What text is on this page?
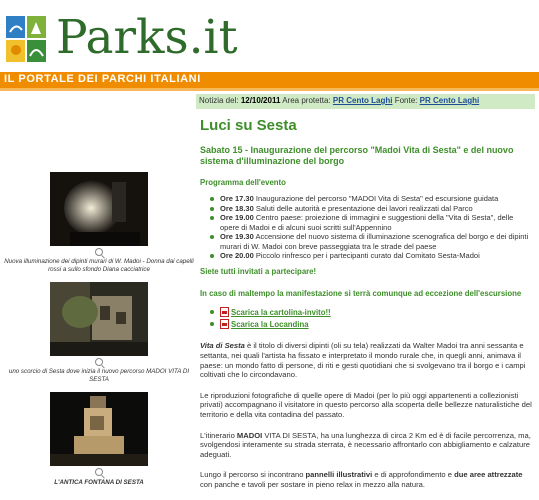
Parks.it
IL PORTALE DEI PARCHI ITALIANI
Notizia del: 12/10/2011 Area protetta: PR Cento Laghi Fonte: PR Cento Laghi
Luci su Sesta
Sabato 15 - Inaugurazione del percorso "Madoi Vita di Sesta" e del nuovo sistema d'illuminazione del borgo
Programma dell'evento
Ore 17.30 Inaugurazione del percorso "MADOI Vita di Sesta" ed escursione guidata
Ore 18.30 Saluti delle autorità e presentazione dei lavori realizzati dal Parco
Ore 19.00 Centro paese: proiezione di immagini e suggestioni della "Vita di Sesta", delle opere di Madoi e di alcuni suoi scritti sull'Appennino
Ore 19.30 Accensione del nuovo sistema di illuminazione scenografica del borgo e dei dipinti murari di W. Madoi con breve passeggiata tra le strade del paese
Ore 20.00 Piccolo rinfresco per i partecipanti curato dal Comitato Sesta-Madoi
Siete tutti invitati a partecipare!
In caso di maltempo la manifestazione si terrà comunque ad eccezione dell'escursione
Scarica la cartolina-invito!!
Scarica la Locandina

Vita di Sesta è il titolo di diversi dipinti (oli su tela) realizzati da Walter Madoi tra anni sessanta e settanta, nei quali l'artista ha fissato e interpretato il mondo rurale che, in quegli anni, animava il paese: un mondo fatto di persone, di riti e gesti quotidiani che si svolgevano tra il borgo e i campi coltivati che lo circondavano.

Le riproduzioni fotografiche di quelle opere di Madoi (per lo più oggi appartenenti a collezionisti privati) accompagnano il visitatore in questo percorso alla scoperta delle bellezze naturalistiche del territorio e della vita contadina del passato.

L'itinerario MADOI VITA DI SESTA, ha una lunghezza di circa 2 Km ed è di facile percorrenza, ma, svolgendosi interamente su strada sterrata, è necessario affrontarlo con abbigliamento e calzature adeguati.

Lungo il percorso si incontrano pannelli illustrativi e di approfondimento e due aree attrezzate con panche e tavoli per sostare in pieno relax in mezzo alla natura.

Nuova illuminazione dei dipinti murari di W. Madoi - Donna dai capelli rossi a sullo sfondo Diana cacciatrice
uno scorcio di Sesta dove inizia il nuovo percorso MADOI VITA DI SESTA
L'ANTICA FONTANA DI SESTA
